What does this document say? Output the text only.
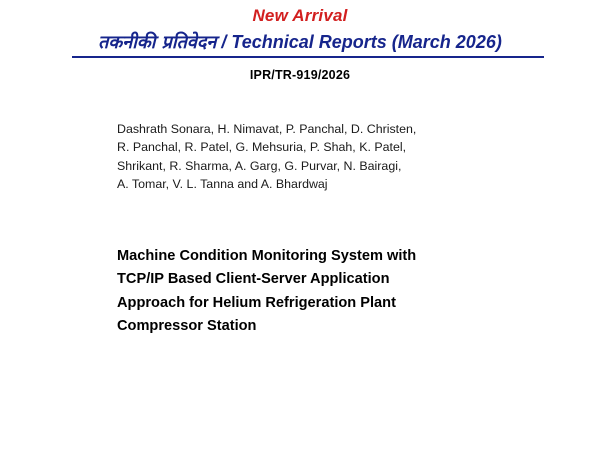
New Arrival
तकनीकी प्रतिवेदन / Technical Reports (March 2026)
IPR/TR-919/2026
Dashrath Sonara, H. Nimavat, P. Panchal, D. Christen,
R. Panchal, R. Patel, G. Mehsuria, P. Shah, K. Patel,
Shrikant, R. Sharma, A. Garg, G. Purvar, N. Bairagi,
A. Tomar, V. L. Tanna and A. Bhardwaj
Machine Condition Monitoring System with
TCP/IP Based Client-Server Application
Approach for Helium Refrigeration Plant
Compressor Station
